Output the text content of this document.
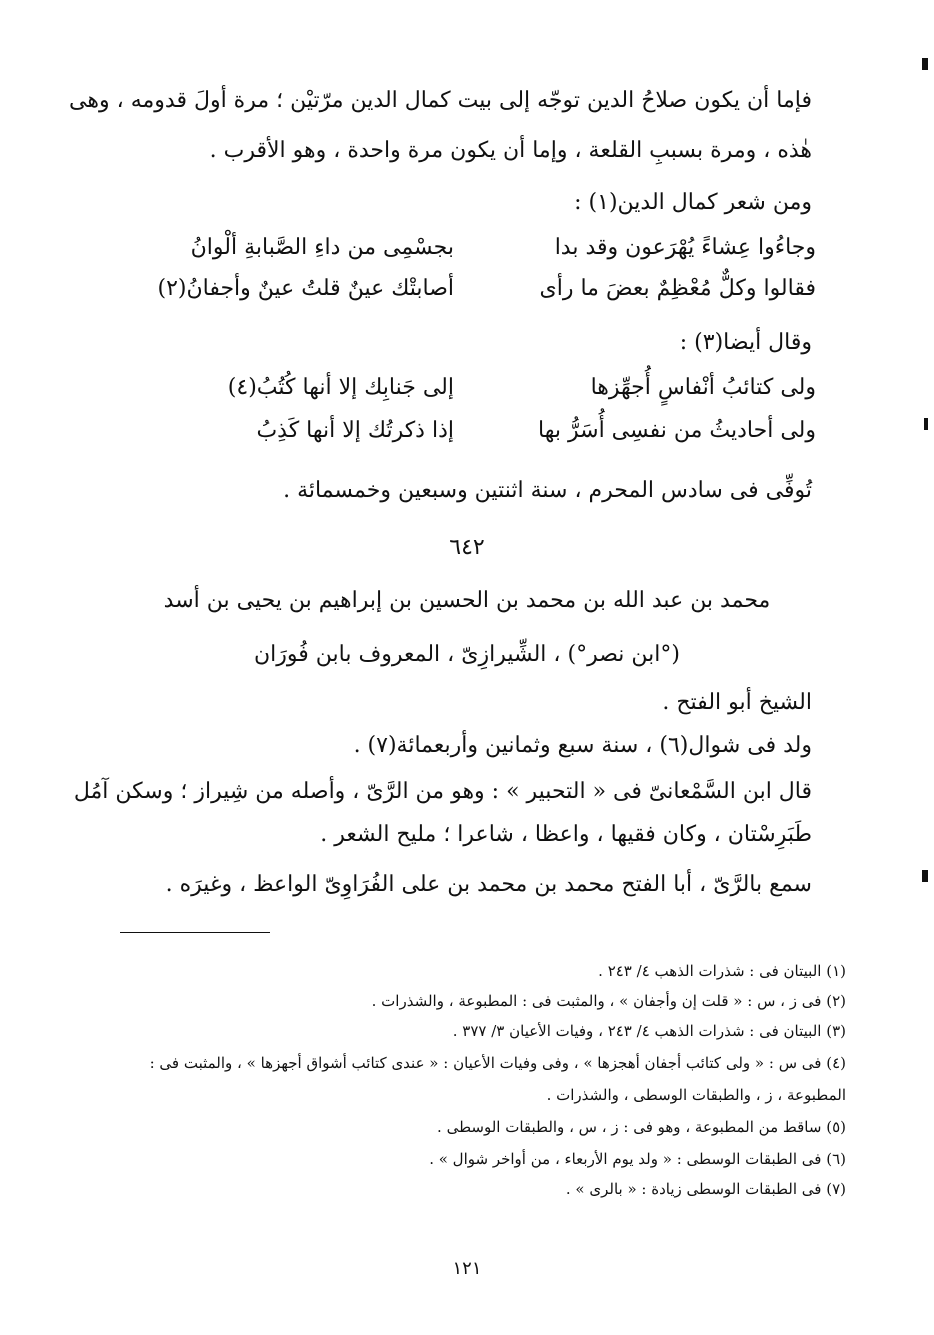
فإما أن يكون صلاحُ الدين توجّه إلى بيت كمال الدين مرّتيْن ؛ مرة أولَ قدومه ، وهى
هٰذه ، ومرة بسببِ القلعة ، وإما أن يكون مرة واحدة ، وهو الأقرب .
ومن شعر كمال الدين(١) :
وجاءُوا عِشاءً يُهْرَعون وقد بدا
بجسْمِى من داءِ الصَّبابةِ ألْوانُ
فقالوا وكلٌّ مُعْظِمٌ بعضَ ما رأى
أصابتْك عينٌ قلتُ عينٌ وأجفانُ(٢)
وقال أيضا(٣) :
ولى كتائبُ أنْفاسٍ أُجهِّزها
إلى جَنابِك إلا أنها كُتُبُ(٤)
ولى أحاديثُ من نفسِى أُسَرُّ بها
إذا ذكرتُك إلا أنها كَذِبُ
تُوفِّى فى سادس المحرم ، سنة اثنتين وسبعين وخمسمائة .
٦٤٢
محمد بن عبد الله بن محمد بن الحسين بن إبراهيم بن يحيى بن أسد
(°ابن نصر°) ، الشِّيرازِىّ ، المعروف بابن فُورَان
الشيخ أبو الفتح .
ولد فى شوال(٦) ، سنة سبع وثمانين وأربعمائة(٧) .
قال ابن السَّمْعانىّ فى « التحبير » : وهو من الرَّىّ ، وأصله من شِيراز ؛ وسكن آمُل
طَبَرِسْتان ، وكان فقيها ، واعظا ، شاعرا ؛ مليح الشعر .
سمع بالرَّىّ ، أبا الفتح محمد بن محمد بن على الفُرَاوِىّ الواعظ ، وغيرَه .
(١) البيتان فى : شذرات الذهب ٤/ ٢٤٣ .
(٢) فى ز ، س : « قلت إن وأجفان » ، والمثبت فى : المطبوعة ، والشذرات .
(٣) البيتان فى : شذرات الذهب ٤/ ٢٤٣ ، وفيات الأعيان ٣/ ٣٧٧ .
(٤) فى س : « ولى كتائب أجفان أهجزها » ، وفى وفيات الأعيان : « عندى كتائب أشواق أجهزها » ، والمثبت فى :
المطبوعة ، ز ، والطبقات الوسطى ، والشذرات .
(٥) ساقط من المطبوعة ، وهو فى : ز ، س ، والطبقات الوسطى .
(٦) فى الطبقات الوسطى : « ولد يوم الأربعاء ، من أواخر شوال » .
(٧) فى الطبقات الوسطى زيادة : « بالرى » .
١٢١
